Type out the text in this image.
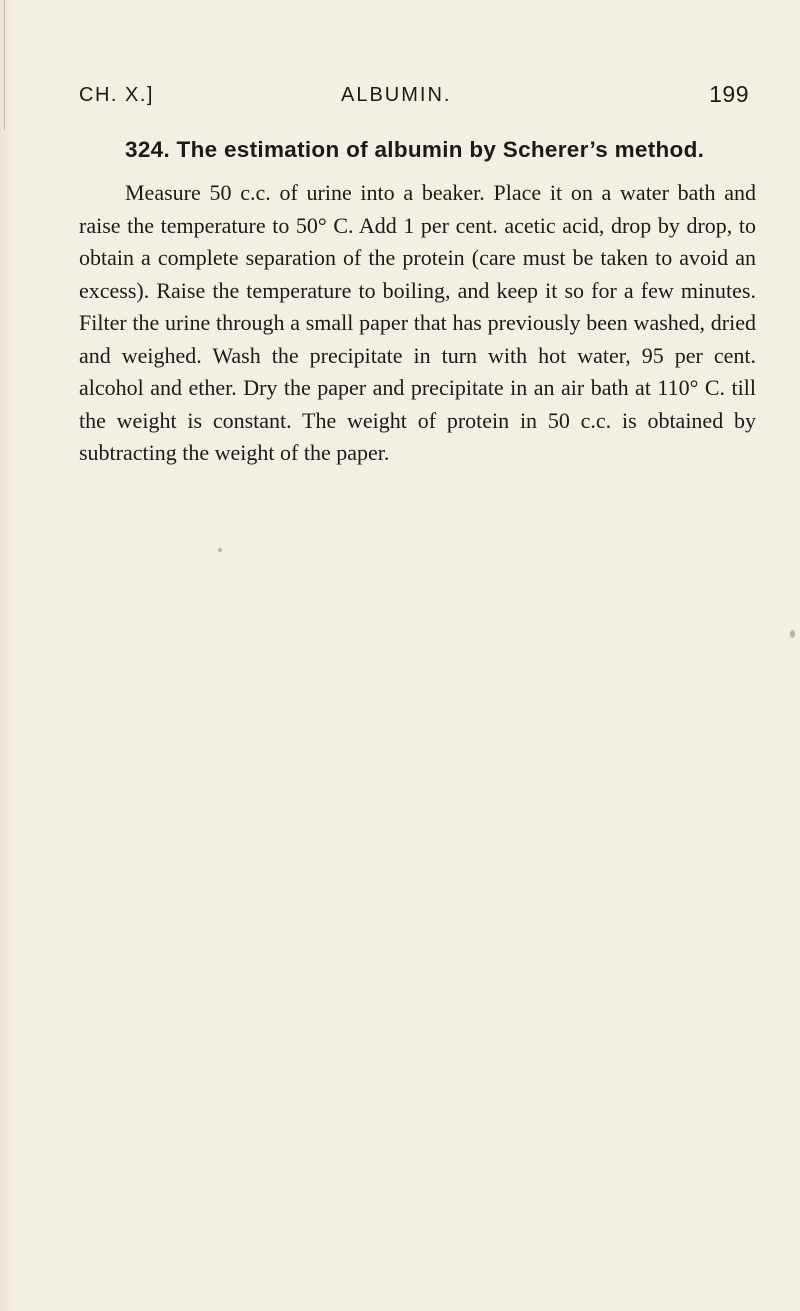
CH. X.]	ALBUMIN.	199
324. The estimation of albumin by Scherer’s method.

Measure 50 c.c. of urine into a beaker. Place it on a water bath and raise the temperature to 50° C. Add 1 per cent. acetic acid, drop by drop, to obtain a complete separation of the protein (care must be taken to avoid an excess). Raise the temperature to boiling, and keep it so for a few minutes. Filter the urine through a small paper that has previously been washed, dried and weighed. Wash the precipitate in turn with hot water, 95 per cent. alcohol and ether. Dry the paper and precipitate in an air bath at 110° C. till the weight is constant. The weight of protein in 50 c.c. is obtained by subtracting the weight of the paper.
